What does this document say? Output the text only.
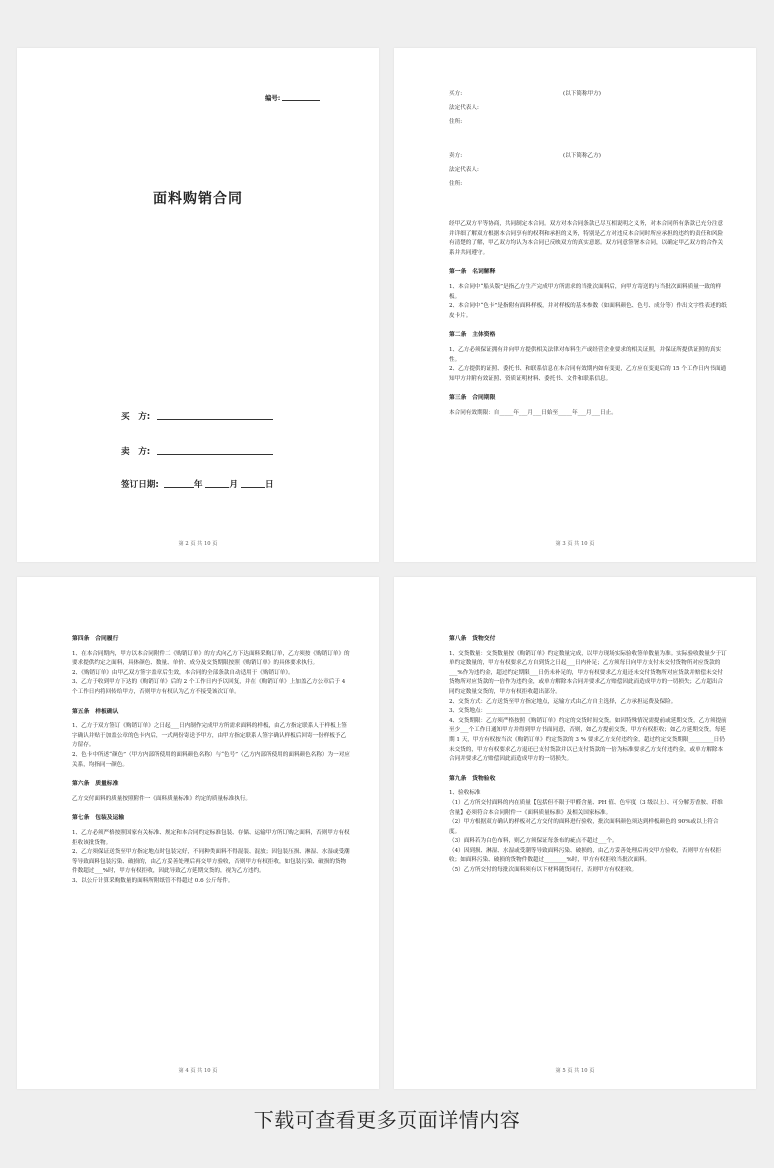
编号:
面料购销合同
买　方:
卖　方:
签订日期:	年	月	日
第 2 页 共 10 页
买方:	(以下简称甲方)
法定代表人:
住所:
卖方:	(以下简称乙方)
法定代表人:
住所:

经甲乙双方平等协商，共同制定本合同。双方对本合同条款已尽互相说明之义务，对本合同所有条款已充分注意并详细了解双方根据本合同享有的权利和承担的义务，特别是乙方对违反本合同时所应承担的违约的责任和风险有清楚的了解，甲乙双方均认为本合同已反映双方的真实意愿。双方同意签署本合同，以确定甲乙双方的合作关系并共同遵守。

第一条　名词解释

1、本合同中“船头版”是指乙方生产完成甲方所需求的当批次面料后，向甲方寄送的与当批次面料质量一致的样板。

2、本合同中“色卡”是指附有面料样板，并对样板的基本参数（如面料颜色、色号、成分等）作出文字性表述的纸皮卡片。

第二条　主体资格

1、乙方必须保证拥有并向甲方提供相关法律对布料生产或经营企业要求的相关证照，并保证所提供证照的真实性。

2、乙方提供的证照、委托书、和联系信息在本合同有效期内如有变更，乙方应在变更后的 15 个工作日内书面通知甲方并附有效证照、资质证明材料、委托书、文件和联系信息。

第三条　合同期限

本合同有效期限：自_____年___月___日始至_____年___月___日止。

第 3 页 共 10 页
第四条　合同履行

1、在本合同期内，甲方以本合同附件二《购销订单》的方式向乙方下达面料采购订单，乙方须按《购销订单》的要求提供约定之面料，具体颜色、数量、单价、成分及交货期限按照《购销订单》的具体要求执行。

2、《购销订单》由甲乙双方签字盖章后生效，本合同的全部条款自动适用于《购销订单》。

3、乙方于收到甲方下达的《购销订单》后的 2 个工作日内予以回复，并在《购销订单》上加盖乙方公章后于 4 个工作日内将回传给甲方，否则甲方有权认为乙方不接受该次订单。

第五条　样板确认

1、乙方于双方签订《购销订单》之日起___日内制作完成甲方所需求面料的样板，由乙方指定联系人于样板上签字确认并贴于加盖公章的色卡内后，一式两份寄送予甲方，由甲方指定联系人签字确认样板后回寄一份样板予乙方留存。

2、色卡中所述“颜色”（甲方内部所使用的面料颜色名称）与“色号”（乙方内部所使用的面料颜色名称）为一对应关系，均指同一颜色。

第六条　质量标准

乙方交付面料的质量按照附件一《面料质量标准》约定的质量标准执行。

第七条　包装及运输

1、乙方必须严格按照国家有关标准、规定和本合同约定标准包装、存储、运输甲方所订购之面料，否则甲方有权拒收该批货物。

2、乙方须保证送货至甲方指定地点时包装完好，不同种类面料不得混装、混放；因包装压损、淋湿、水湿或受潮等导致面料包装污染、破损的，由乙方妥善处理后再交甲方验收，否则甲方有权拒收，如包装污染、破损的货物件数超过___%时，甲方有权拒收，因此导致乙方延期交货的，视为乙方违约。

3、以公斤计算采购数量的面料所附纸管不得超过 0.6 公斤每件。

第 4 页 共 10 页
第八条　货物交付

1、交货数量：交货数量按《购销订单》约定数量完成，以甲方现场实际验收签单数量为准。实际验收数量少于订单约定数量的，甲方有权要求乙方自到货之日起___日内补足；乙方须每日向甲方支付未交付货物所对应货款的___%作为违约金，超过约定期限___日仍未补足的，甲方有权要求乙方退还未交付货物所对应货款并赔偿未交付货物所对应货款的一倍作为违约金，或单方解除本合同并要求乙方赔偿因此而造成甲方的一切损失；乙方超出合同约定数量交货的，甲方有权拒收超出部分。

2、交货方式：乙方送货至甲方指定地点，运输方式由乙方自主选择，乙方承担运费及保险。

3、交货地点：________________

4、交货期限：乙方须严格按照《购销订单》约定的交货时间交货。如因特殊情况需提前或延期交货，乙方须提前至少___个工作日通知甲方并得到甲方书面同意，否则，如乙方提前交货，甲方有权拒收；如乙方延期交货，每延期 1 天，甲方有权按当次《购销订单》约定货款的 3 % 要求乙方支付违约金，超过约定交货期限_________日仍未交货的，甲方有权要求乙方退还已支付货款并以已支付货款的一倍为标准要求乙方支付违约金，或单方解除本合同并要求乙方赔偿因此而造成甲方的一切损失。

第九条　货物验收

1、验收标准

（1）乙方所交付面料的内在质量【包括但不限于甲醛含量、PH 值、色牢度（3 级以上）、可分解芳香胺、纤维含量】必须符合本合同附件一《面料质量标准》及相关国家标准。

（2）甲方根据双方确认的样板对乙方交付的面料进行验收，批次面料颜色须达到样板颜色的 90%或以上符合度。

（3）面料若为白色布料，则乙方须保证每条布的疵点不超过___个。

（4）因到损、淋湿、水湿或受潮等导致面料污染、破损的，由乙方妥善处理后再交甲方验收，否则甲方有权拒收；如面料污染、破损的货物件数超过________%时，甲方有权拒收当批次面料。

（5）乙方所交付的每批次面料须有以下材料随货同行，否则甲方有权拒收。

第 5 页 共 10 页
下载可查看更多页面详情内容
